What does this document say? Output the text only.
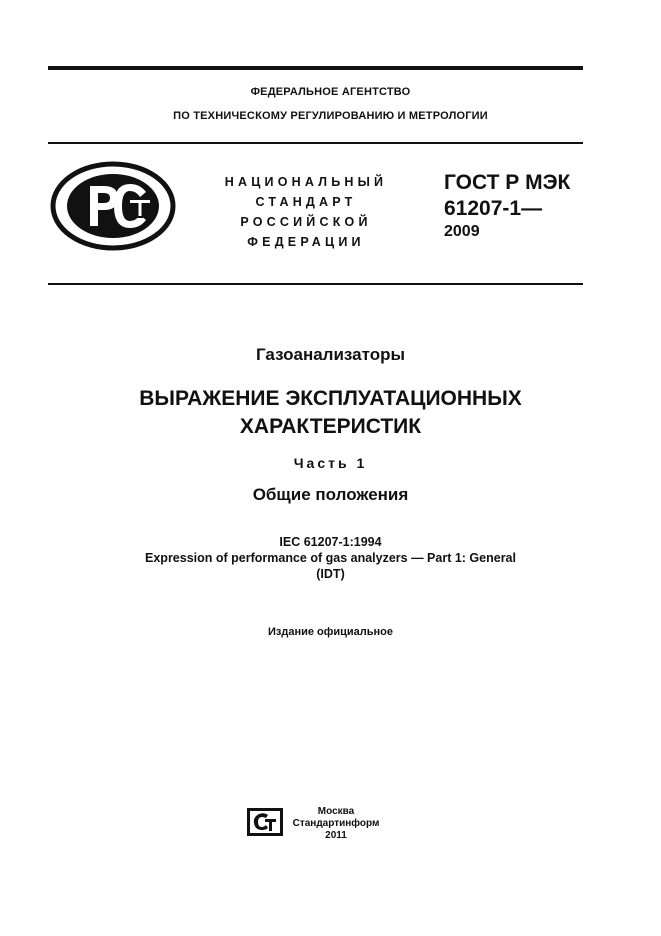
ФЕДЕРАЛЬНОЕ АГЕНТСТВО
ПО ТЕХНИЧЕСКОМУ РЕГУЛИРОВАНИЮ И МЕТРОЛОГИИ
НАЦИОНАЛЬНЫЙ
СТАНДАРТ
РОССИЙСКОЙ
ФЕДЕРАЦИИ
ГОСТ Р МЭК
61207-1—
2009
Газоанализаторы
ВЫРАЖЕНИЕ ЭКСПЛУАТАЦИОННЫХ
ХАРАКТЕРИСТИК
Часть 1
Общие положения
IEC 61207-1:1994
Expression of performance of gas analyzers — Part 1: General
(IDT)
Издание официальное
Москва
Стандартинформ
2011
